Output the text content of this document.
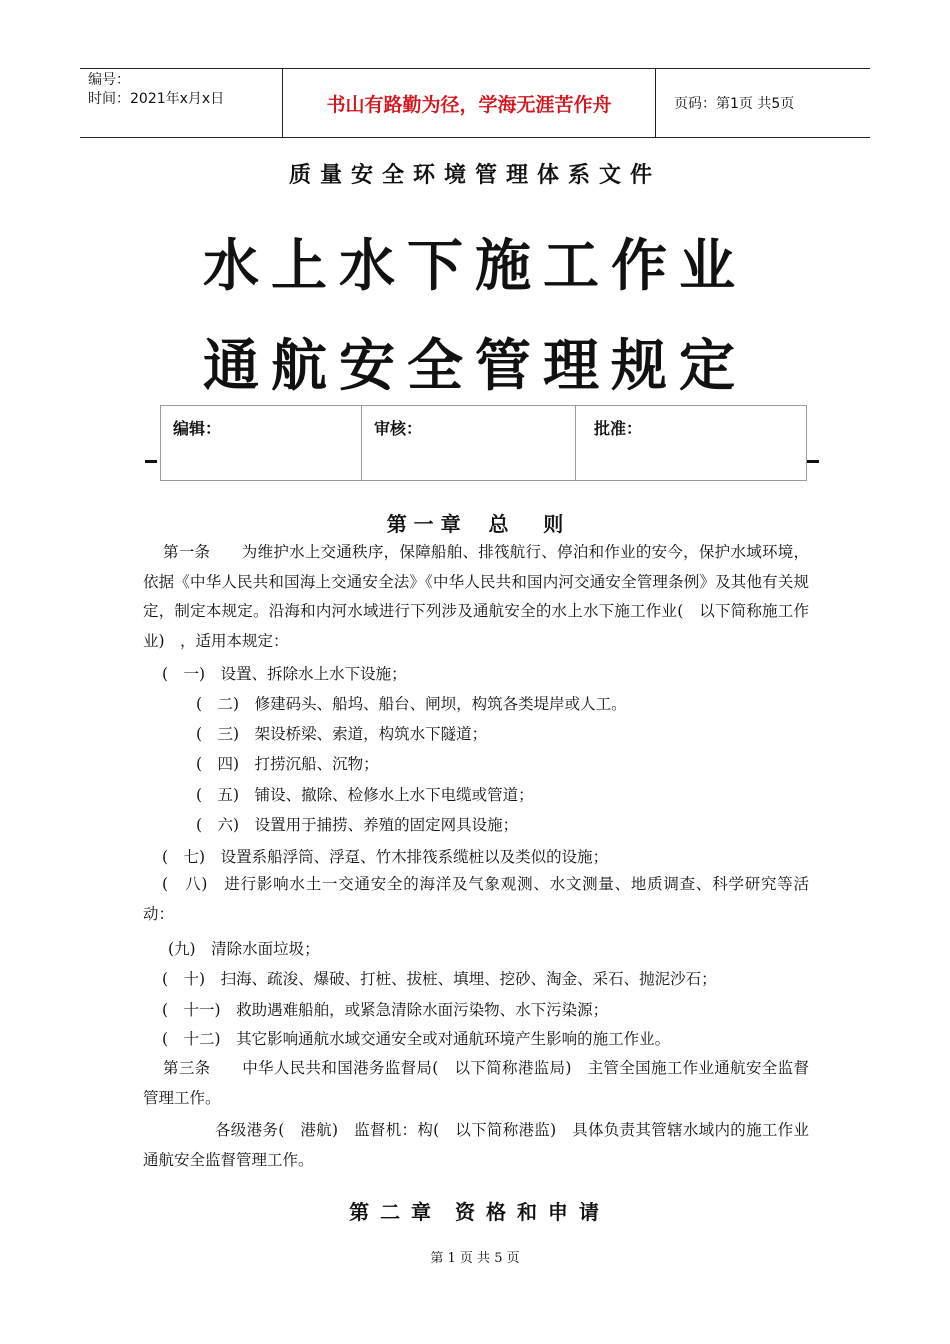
编号：
时间：2021年x月x日	书山有路勤为径，学海无涯苦作舟	页码：第1页 共5页
质量安全环境管理体系文件
水上水下施工作业
通航安全管理规定
编辑：	审核：	批准：
第 一 章    总     则

第一条　　为维护水上交通秩序，保障船舶、排筏航行、停泊和作业的安今，保护水域环境，依据《中华人民共和国海上交通安全法》《中华人民共和国内河交通安全管理条例》及其他有关规定，制定本规定。沿海和内河水域进行下列涉及通航安全的水上水下施工作业(　以下简称施工作业)　，适用本规定：

(　一)　设置、拆除水上水下设施；
(　二)　修建码头、船坞、船台、闸坝，构筑各类堤岸或人工。
(　三)　架设桥梁、索道，构筑水下隧道；
(　四)　打捞沉船、沉物；
(　五)　铺设、撤除、检修水上水下电缆或管道；
(　六)　设置用于捕捞、养殖的固定网具设施；
(　七)　设置系船浮筒、浮趸、竹木排筏系缆桩以及类似的设施；

(　八)　进行影响水土一交通安全的海洋及气象观测、水文测量、地质调查、科学研究等活动：

(九)　清除水面垃圾；
(　十)　扫海、疏浚、爆破、打桩、拔桩、填埋、挖砂、淘金、采石、抛泥沙石；
(　十一)　救助遇难船舶，或紧急清除水面污染物、水下污染源；
(　十二)　其它影响通航水域交通安全或对通航环境产生影响的施工作业。

第三条　　中华人民共和国港务监督局(　以下简称港监局)　主管全国施工作业通航安全监督管理工作。

各级港务(　港航)　监督机：构(　以下简称港监)　具体负责其管辖水域内的施工作业通航安全监督管理工作。

第 二 章　资 格 和 申 请
第 1 页 共 5 页
